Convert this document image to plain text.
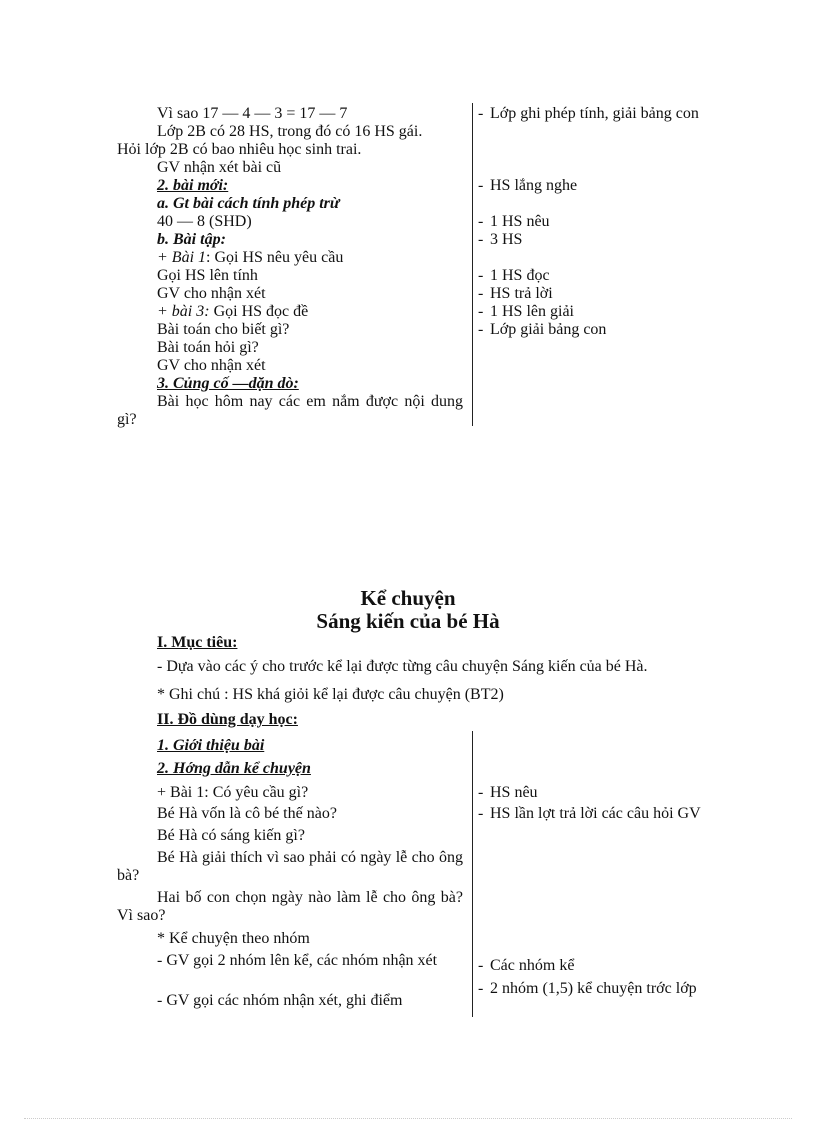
Vì sao 17 — 4 — 3 = 17 — 7
Lớp 2B có 28 HS, trong đó có 16 HS gái.
Hỏi lớp 2B có bao nhiêu học sinh trai.
GV nhận xét bài cũ
2. bài mới:
a. Gt bài cách tính phép trừ
40 — 8 (SHD)
b. Bài tập:
+ Bài 1: Gọi HS nêu yêu cầu
Gọi HS lên tính
GV cho nhận xét
+ bài 3: Gọi HS đọc đề
Bài toán cho biết gì?
Bài toán hỏi gì?
GV cho nhận xét
3. Củng cố —dặn dò:
Bài học hôm nay các em nắm được nội dung gì?
- Lớp ghi phép tính, giải bảng con
- HS lắng nghe
- 1 HS nêu
- 3 HS
- 1 HS đọc
- HS trả lời
- 1 HS lên giải
- Lớp giải bảng con
Kể chuyện
Sáng kiến của bé Hà
I. Mục tiêu:
- Dựa vào các ý cho trước kể lại được từng câu chuyện Sáng kiến của bé Hà.
* Ghi chú : HS khá giỏi kể lại được câu chuyện (BT2)
II. Đồ dùng dạy học:
1. Giới thiệu bài
2. Hớng dẫn kể chuyện
+ Bài 1: Có yêu cầu gì?
Bé Hà vốn là cô bé thế nào?
Bé Hà có sáng kiến gì?
Bé Hà giải thích vì sao phải có ngày lễ cho ông bà?
Hai bố con chọn ngày nào làm lễ cho ông bà? Vì sao?
* Kể chuyện theo nhóm
- GV gọi 2 nhóm lên kể, các nhóm nhận xét
- GV gọi các nhóm nhận xét, ghi điểm
- HS nêu
- HS lần lợt trả lời các câu hỏi GV
- Các nhóm kể
- 2 nhóm (1,5) kể chuyện trớc lớp
